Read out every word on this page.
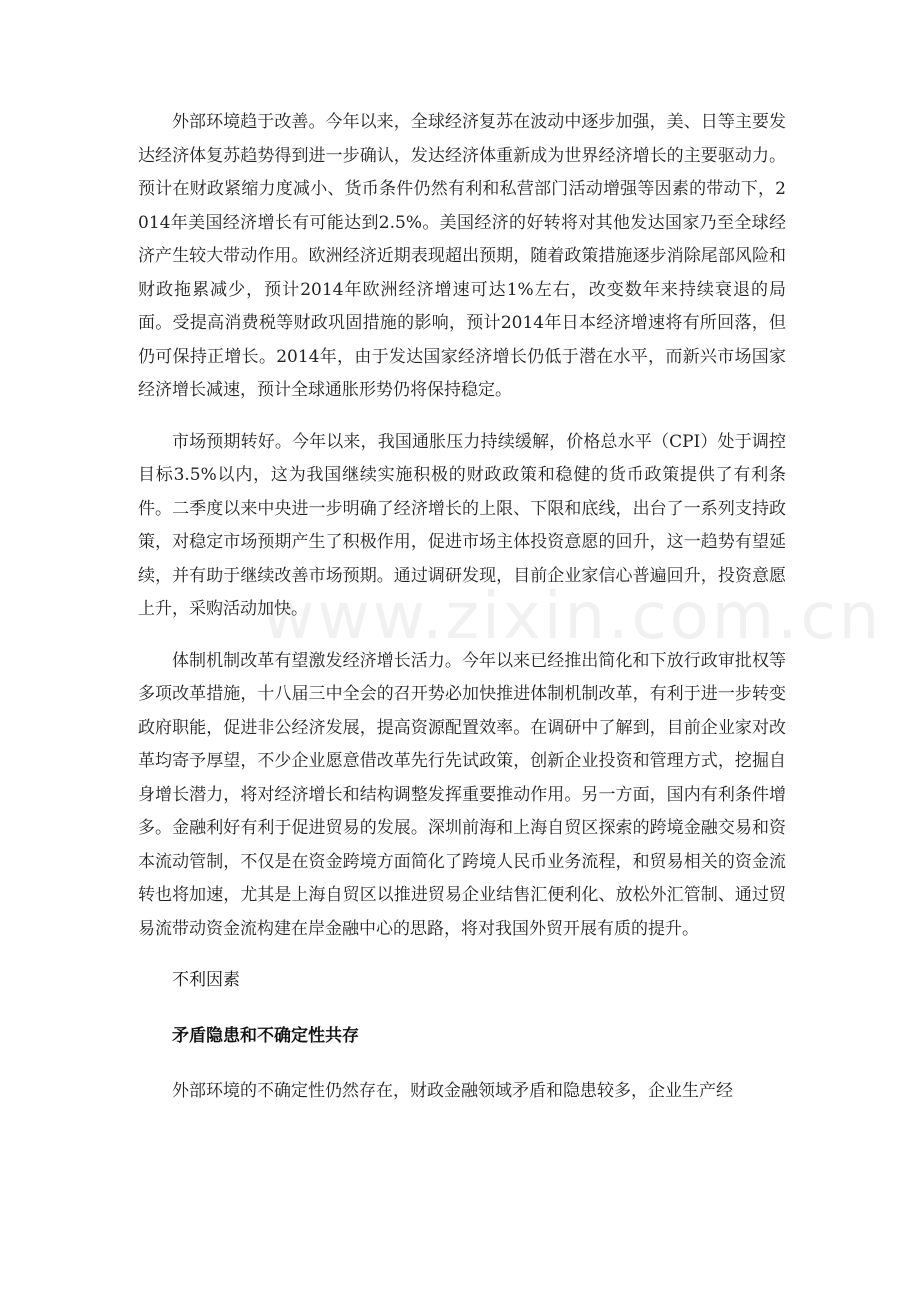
www.zixin.com.cn

外部环境趋于改善。今年以来，全球经济复苏在波动中逐步加强，美、日等主要发达经济体复苏趋势得到进一步确认，发达经济体重新成为世界经济增长的主要驱动力。预计在财政紧缩力度减小、货币条件仍然有利和私营部门活动增强等因素的带动下，2014年美国经济增长有可能达到2.5%。美国经济的好转将对其他发达国家乃至全球经济产生较大带动作用。欧洲经济近期表现超出预期，随着政策措施逐步消除尾部风险和财政拖累减少，预计2014年欧洲经济增速可达1%左右，改变数年来持续衰退的局面。受提高消费税等财政巩固措施的影响，预计2014年日本经济增速将有所回落，但仍可保持正增长。2014年，由于发达国家经济增长仍低于潜在水平，而新兴市场国家经济增长减速，预计全球通胀形势仍将保持稳定。

市场预期转好。今年以来，我国通胀压力持续缓解，价格总水平（CPI）处于调控目标3.5%以内，这为我国继续实施积极的财政政策和稳健的货币政策提供了有利条件。二季度以来中央进一步明确了经济增长的上限、下限和底线，出台了一系列支持政策，对稳定市场预期产生了积极作用，促进市场主体投资意愿的回升，这一趋势有望延续，并有助于继续改善市场预期。通过调研发现，目前企业家信心普遍回升，投资意愿上升，采购活动加快。

体制机制改革有望激发经济增长活力。今年以来已经推出简化和下放行政审批权等多项改革措施，十八届三中全会的召开势必加快推进体制机制改革，有利于进一步转变政府职能，促进非公经济发展，提高资源配置效率。在调研中了解到，目前企业家对改革均寄予厚望，不少企业愿意借改革先行先试政策，创新企业投资和管理方式，挖掘自身增长潜力，将对经济增长和结构调整发挥重要推动作用。另一方面，国内有利条件增多。金融利好有利于促进贸易的发展。深圳前海和上海自贸区探索的跨境金融交易和资本流动管制，不仅是在资金跨境方面简化了跨境人民币业务流程，和贸易相关的资金流转也将加速，尤其是上海自贸区以推进贸易企业结售汇便利化、放松外汇管制、通过贸易流带动资金流构建在岸金融中心的思路，将对我国外贸开展有质的提升。

不利因素
矛盾隐患和不确定性共存

外部环境的不确定性仍然存在，财政金融领域矛盾和隐患较多，企业生产经
